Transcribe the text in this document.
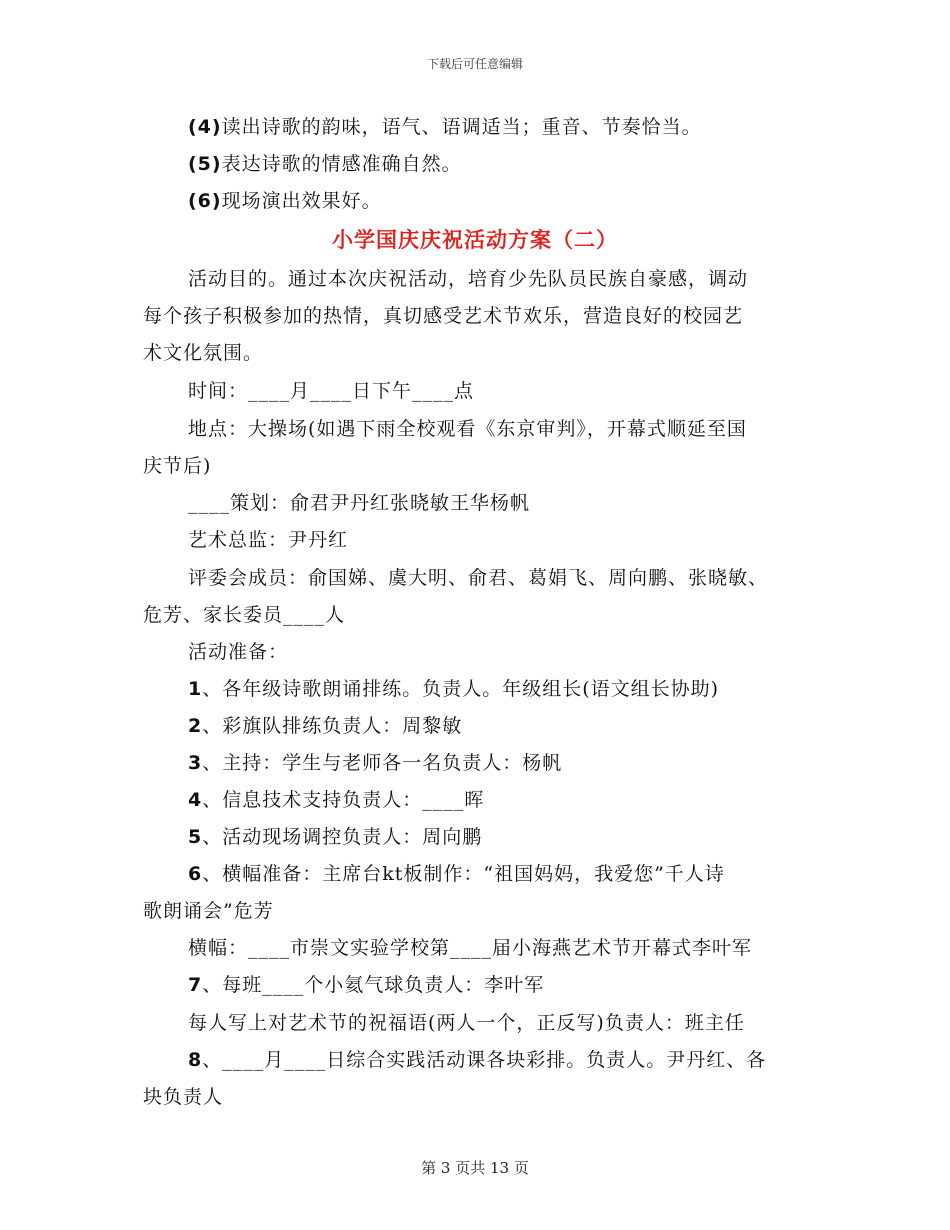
下载后可任意编辑
(4)读出诗歌的韵味，语气、语调适当；重音、节奏恰当。
(5)表达诗歌的情感准确自然。
(6)现场演出效果好。
小学国庆庆祝活动方案（二）
活动目的。通过本次庆祝活动，培育少先队员民族自豪感，调动
每个孩子积极参加的热情，真切感受艺术节欢乐，营造良好的校园艺
术文化氛围。
时间：____月____日下午____点
地点：大操场(如遇下雨全校观看《东京审判》，开幕式顺延至国
庆节后)
____策划：俞君尹丹红张晓敏王华杨帆
艺术总监：尹丹红
评委会成员：俞国娣、虞大明、俞君、葛娟飞、周向鹏、张晓敏、
危芳、家长委员____人
活动准备：
1、各年级诗歌朗诵排练。负责人。年级组长(语文组长协助)
2、彩旗队排练负责人：周黎敏
3、主持：学生与老师各一名负责人：杨帆
4、信息技术支持负责人：____晖
5、活动现场调控负责人：周向鹏
6、横幅准备：主席台kt板制作：“祖国妈妈，我爱您”千人诗
歌朗诵会”危芳
横幅：____市崇文实验学校第____届小海燕艺术节开幕式李叶军
7、每班____个小氦气球负责人：李叶军
每人写上对艺术节的祝福语(两人一个，正反写)负责人：班主任
8、____月____日综合实践活动课各块彩排。负责人。尹丹红、各
块负责人
第 3 页共 13 页
